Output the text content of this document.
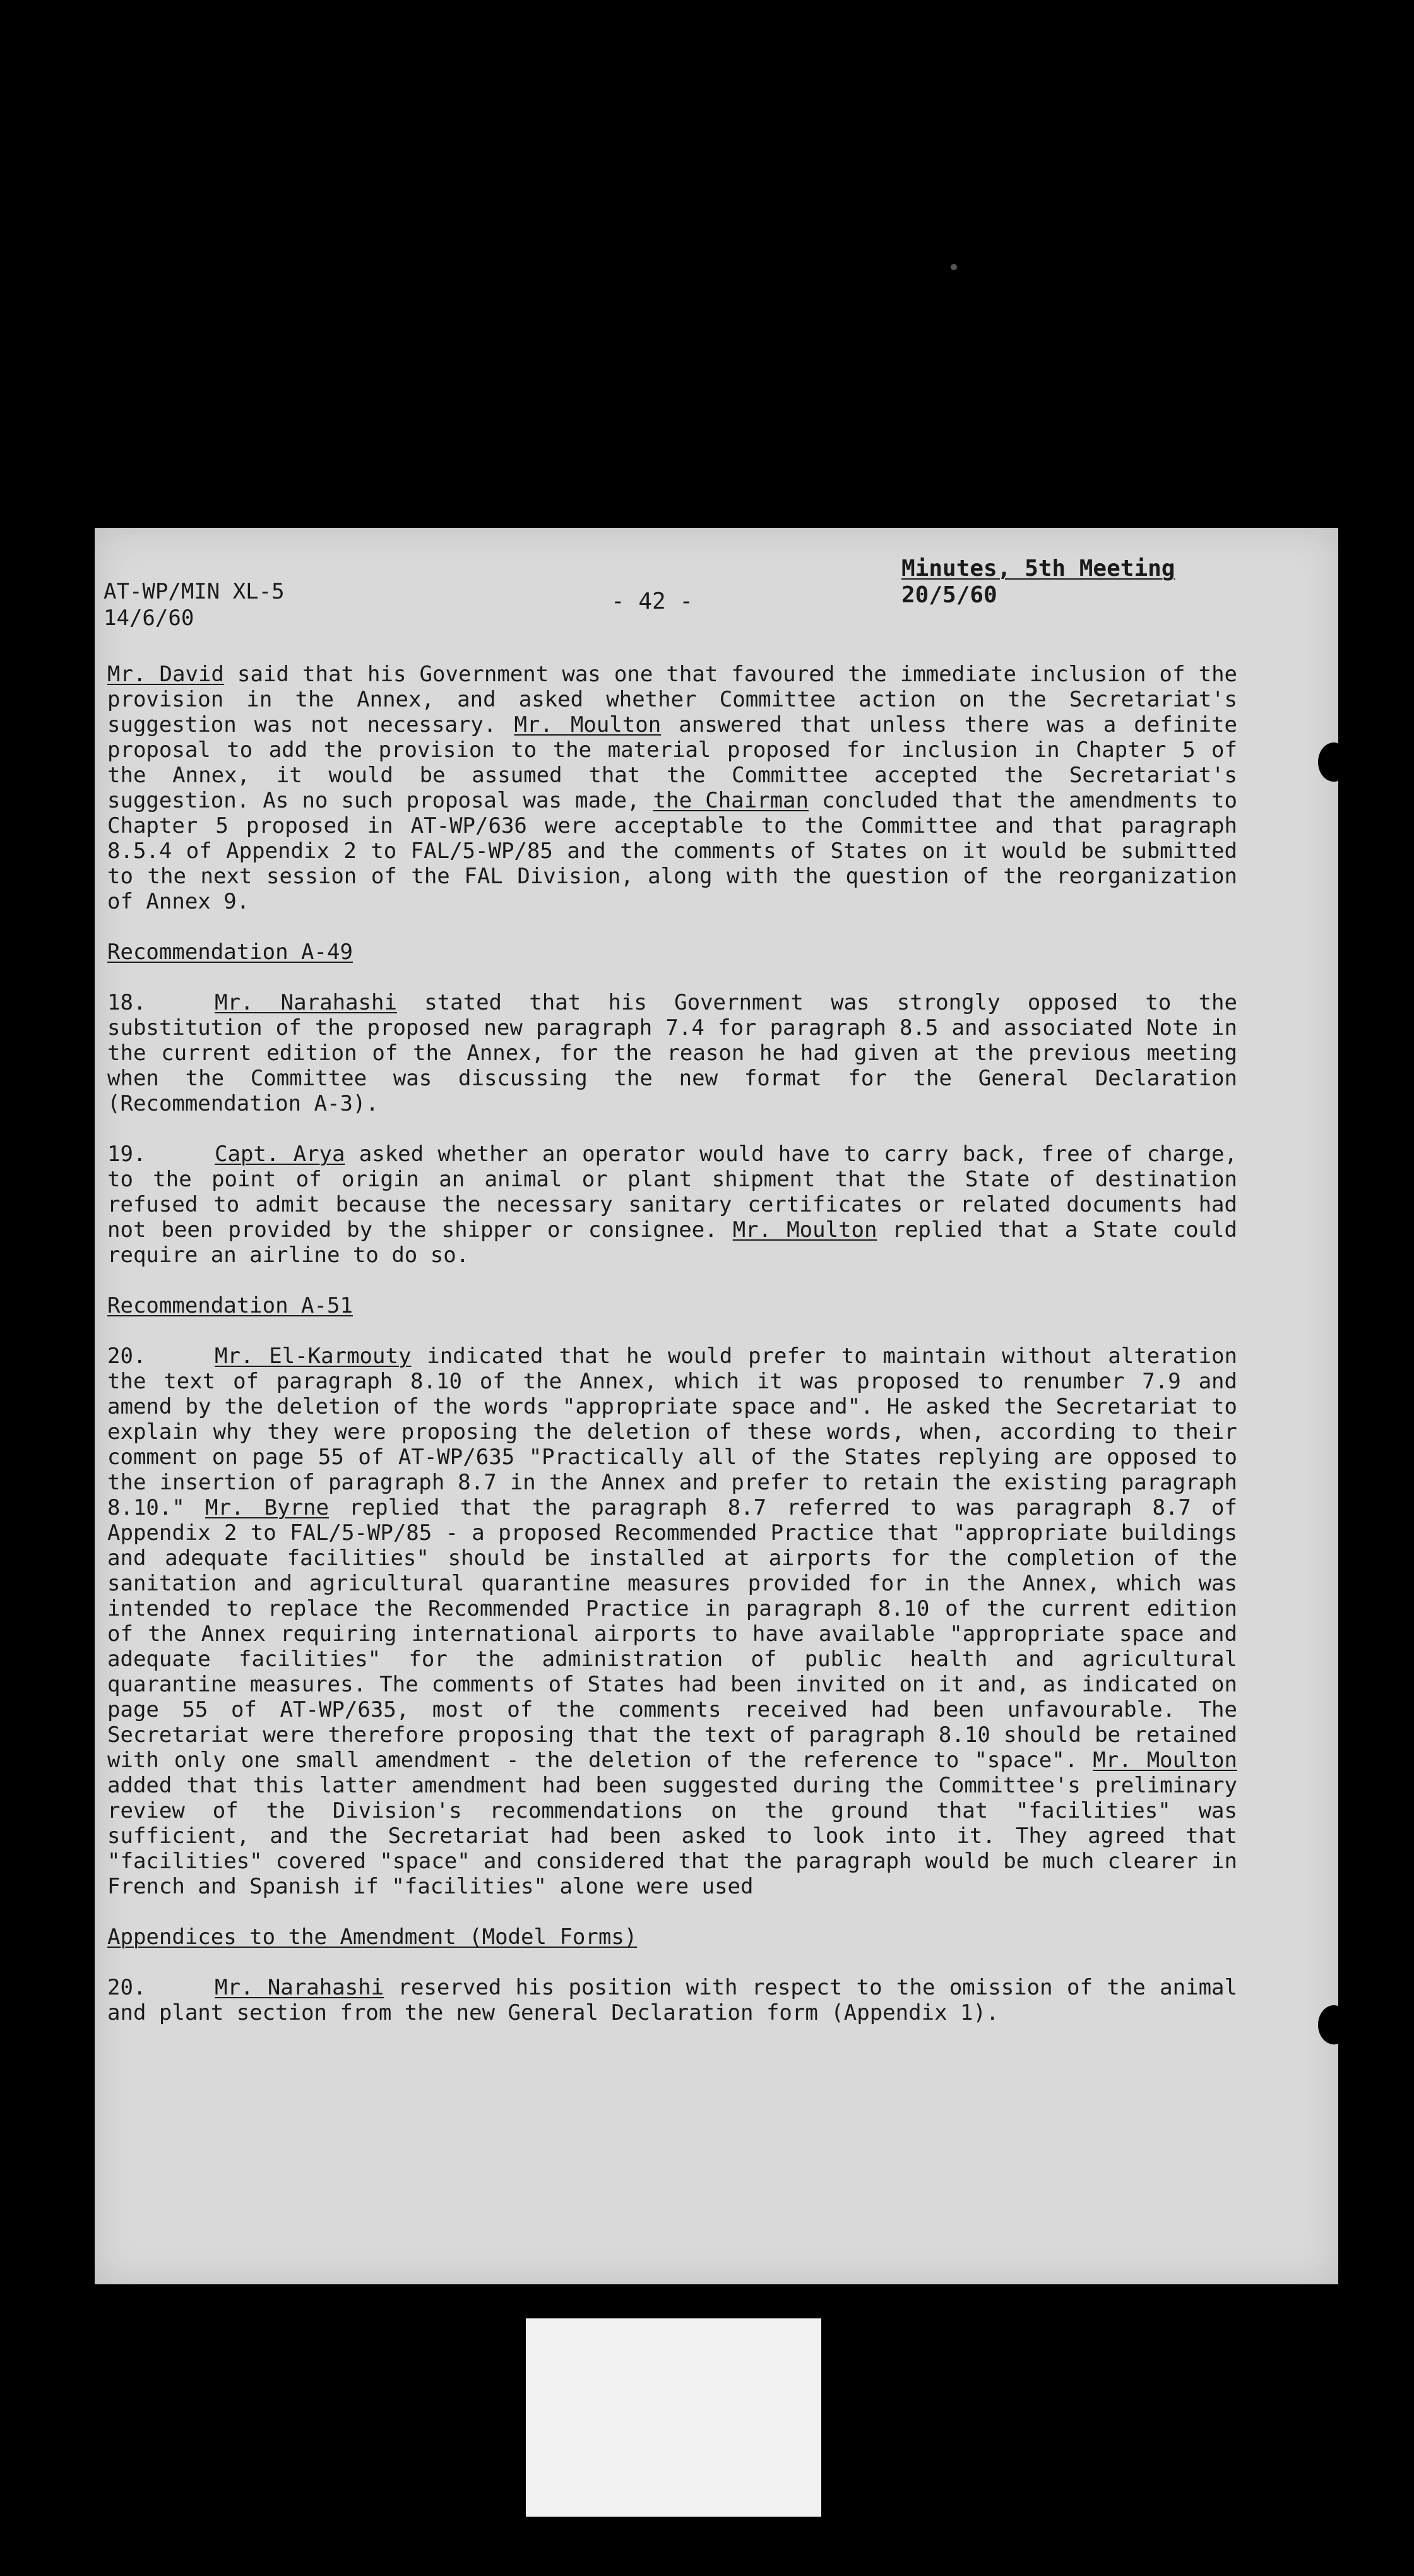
AT-WP/MIN XL-5
14/6/60
- 42 -
Minutes, 5th Meeting
20/5/60

Mr. David said that his Government was one that favoured the immediate inclusion of the provision in the Annex, and asked whether Committee action on the Secretariat's suggestion was not necessary. Mr. Moulton answered that unless there was a definite proposal to add the provision to the material proposed for inclusion in Chapter 5 of the Annex, it would be assumed that the Committee accepted the Secretariat's suggestion. As no such proposal was made, the Chairman concluded that the amendments to Chapter 5 proposed in AT-WP/636 were acceptable to the Committee and that paragraph 8.5.4 of Appendix 2 to FAL/5-WP/85 and the comments of States on it would be submitted to the next session of the FAL Division, along with the question of the reorganization of Annex 9.

Recommendation A-49

18.	Mr. Narahashi stated that his Government was strongly opposed to the substitution of the proposed new paragraph 7.4 for paragraph 8.5 and associated Note in the current edition of the Annex, for the reason he had given at the previous meeting when the Committee was discussing the new format for the General Declaration (Recommendation A-3).

19.	Capt. Arya asked whether an operator would have to carry back, free of charge, to the point of origin an animal or plant shipment that the State of destination refused to admit because the necessary sanitary certificates or related documents had not been provided by the shipper or consignee. Mr. Moulton replied that a State could require an airline to do so.

Recommendation A-51

20.	Mr. El-Karmouty indicated that he would prefer to maintain without alteration the text of paragraph 8.10 of the Annex, which it was proposed to renumber 7.9 and amend by the deletion of the words "appropriate space and". He asked the Secretariat to explain why they were proposing the deletion of these words, when, according to their comment on page 55 of AT-WP/635 "Practically all of the States replying are opposed to the insertion of paragraph 8.7 in the Annex and prefer to retain the existing paragraph 8.10." Mr. Byrne replied that the paragraph 8.7 referred to was paragraph 8.7 of Appendix 2 to FAL/5-WP/85 - a proposed Recommended Practice that "appropriate buildings and adequate facilities" should be installed at airports for the completion of the sanitation and agricultural quarantine measures provided for in the Annex, which was intended to replace the Recommended Practice in paragraph 8.10 of the current edition of the Annex requiring international airports to have available "appropriate space and adequate facilities" for the administration of public health and agricultural quarantine measures. The comments of States had been invited on it and, as indicated on page 55 of AT-WP/635, most of the comments received had been unfavourable. The Secretariat were therefore proposing that the text of paragraph 8.10 should be retained with only one small amendment - the deletion of the reference to "space". Mr. Moulton added that this latter amendment had been suggested during the Committee's preliminary review of the Division's recommendations on the ground that "facilities" was sufficient, and the Secretariat had been asked to look into it. They agreed that "facilities" covered "space" and considered that the paragraph would be much clearer in French and Spanish if "facilities" alone were used

Appendices to the Amendment (Model Forms)

20.	Mr. Narahashi reserved his position with respect to the omission of the animal and plant section from the new General Declaration form (Appendix 1).
